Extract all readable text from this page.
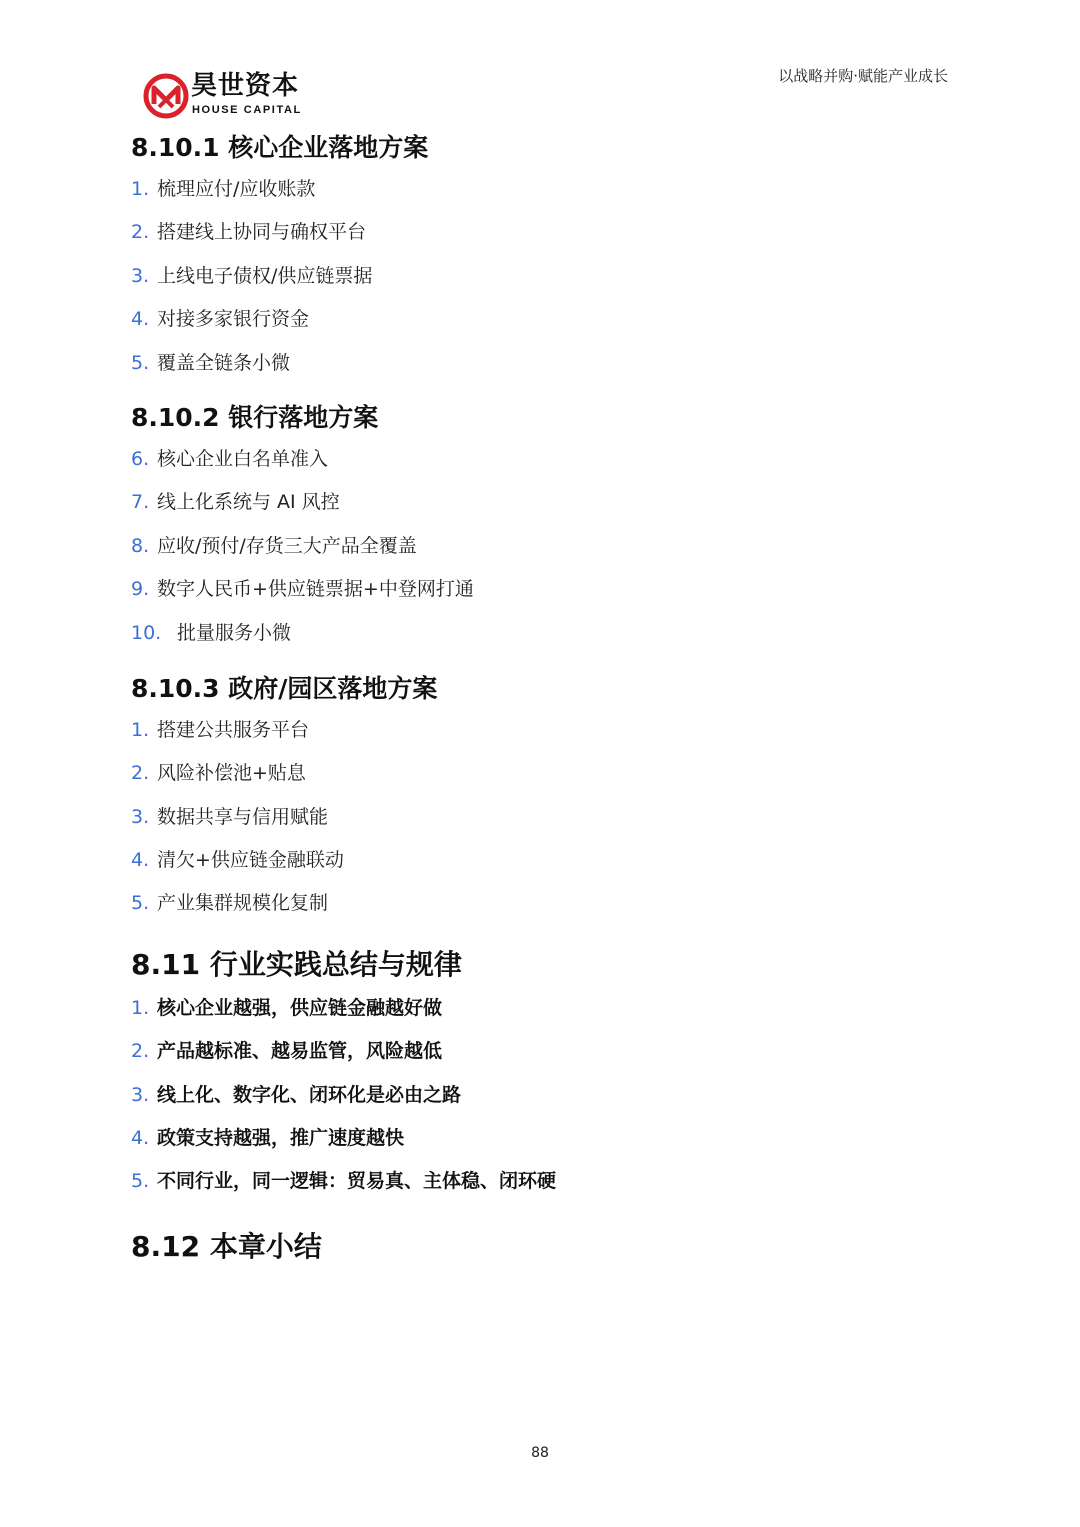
昊世资本
HOUSE CAPITAL
以战略并购·赋能产业成长
8.10.1 核心企业落地方案
1. 梳理应付/应收账款
2. 搭建线上协同与确权平台
3. 上线电子债权/供应链票据
4. 对接多家银行资金
5. 覆盖全链条小微
8.10.2 银行落地方案
6. 核心企业白名单准入
7. 线上化系统与 AI 风控
8. 应收/预付/存货三大产品全覆盖
9. 数字人民币+供应链票据+中登网打通
10. 批量服务小微
8.10.3 政府/园区落地方案
1. 搭建公共服务平台
2. 风险补偿池+贴息
3. 数据共享与信用赋能
4. 清欠+供应链金融联动
5. 产业集群规模化复制
8.11 行业实践总结与规律
1. 核心企业越强，供应链金融越好做
2. 产品越标准、越易监管，风险越低
3. 线上化、数字化、闭环化是必由之路
4. 政策支持越强，推广速度越快
5. 不同行业，同一逻辑：贸易真、主体稳、闭环硬
8.12 本章小结
88
